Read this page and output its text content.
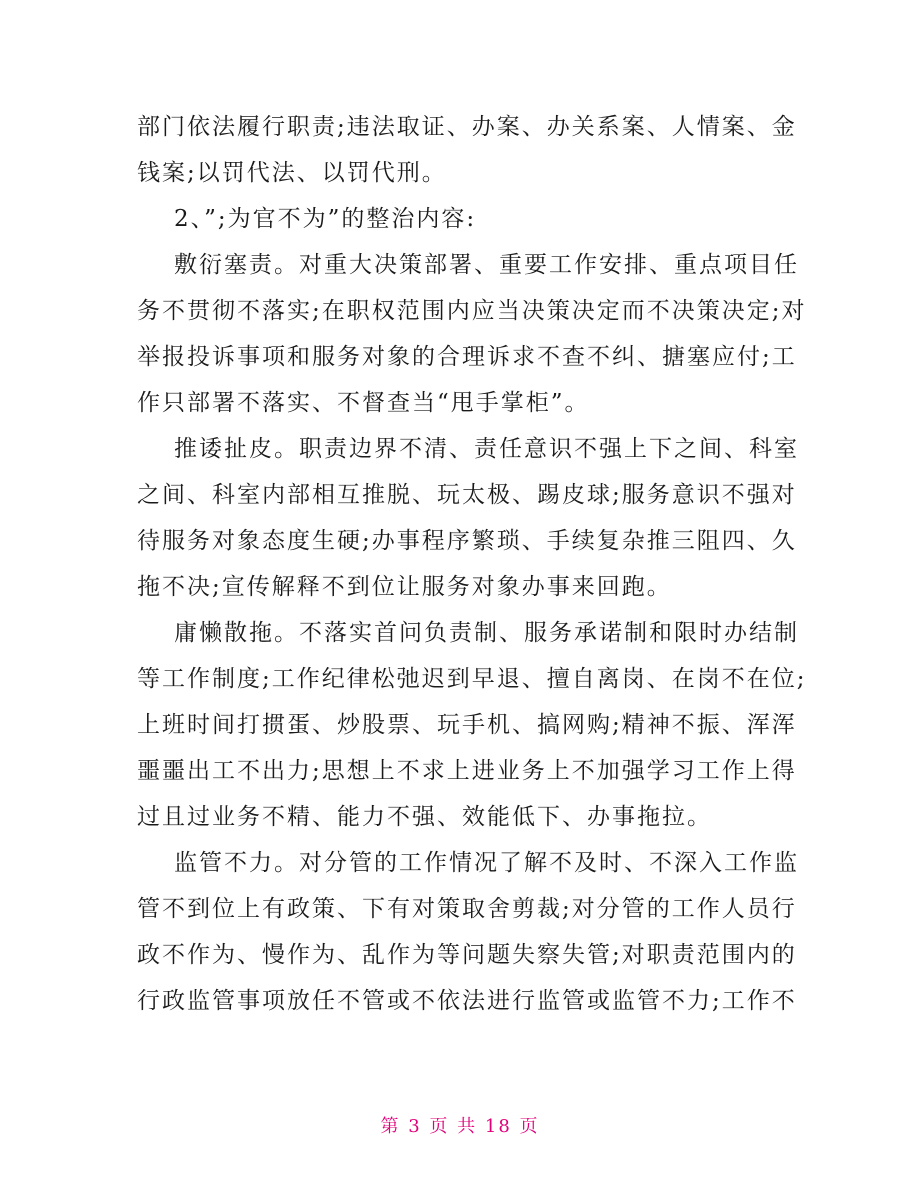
部门依法履行职责;违法取证、办案、办关系案、人情案、金
钱案;以罚代法、以罚代刑。

2、”;为官不为”的整治内容:

敷衍塞责。对重大决策部署、重要工作安排、重点项目任
务不贯彻不落实;在职权范围内应当决策决定而不决策决定;对
举报投诉事项和服务对象的合理诉求不查不纠、搪塞应付;工
作只部署不落实、不督查当“甩手掌柜”。

推诿扯皮。职责边界不清、责任意识不强上下之间、科室
之间、科室内部相互推脱、玩太极、踢皮球;服务意识不强对
待服务对象态度生硬;办事程序繁琐、手续复杂推三阻四、久
拖不决;宣传解释不到位让服务对象办事来回跑。

庸懒散拖。不落实首问负责制、服务承诺制和限时办结制
等工作制度;工作纪律松弛迟到早退、擅自离岗、在岗不在位;
上班时间打掼蛋、炒股票、玩手机、搞网购;精神不振、浑浑
噩噩出工不出力;思想上不求上进业务上不加强学习工作上得
过且过业务不精、能力不强、效能低下、办事拖拉。

监管不力。对分管的工作情况了解不及时、不深入工作监
管不到位上有政策、下有对策取舍剪裁;对分管的工作人员行
政不作为、慢作为、乱作为等问题失察失管;对职责范围内的
行政监管事项放任不管或不依法进行监管或监管不力;工作不

第 3 页 共 18 页
